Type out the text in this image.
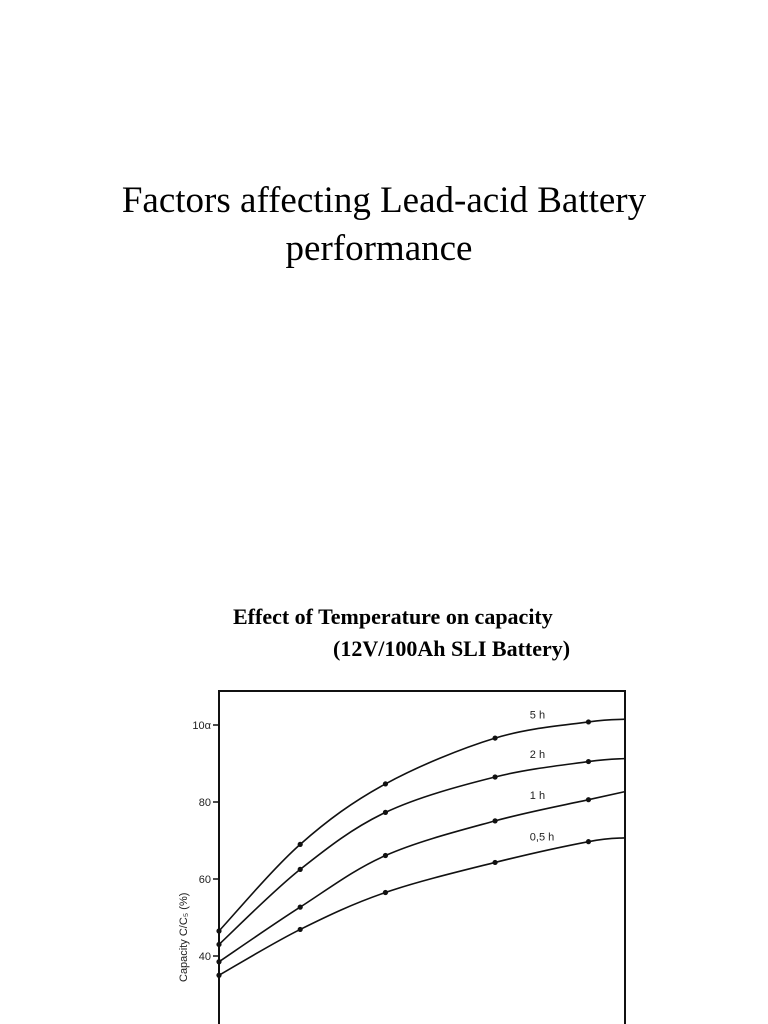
Factors affecting Lead-acid Battery
performance
Effect of Temperature on capacity
(12V/100Ah SLI Battery)
Capacity C/C₅ (%)
10α
80
60
40
5 h
2 h
1 h
0,5 h
